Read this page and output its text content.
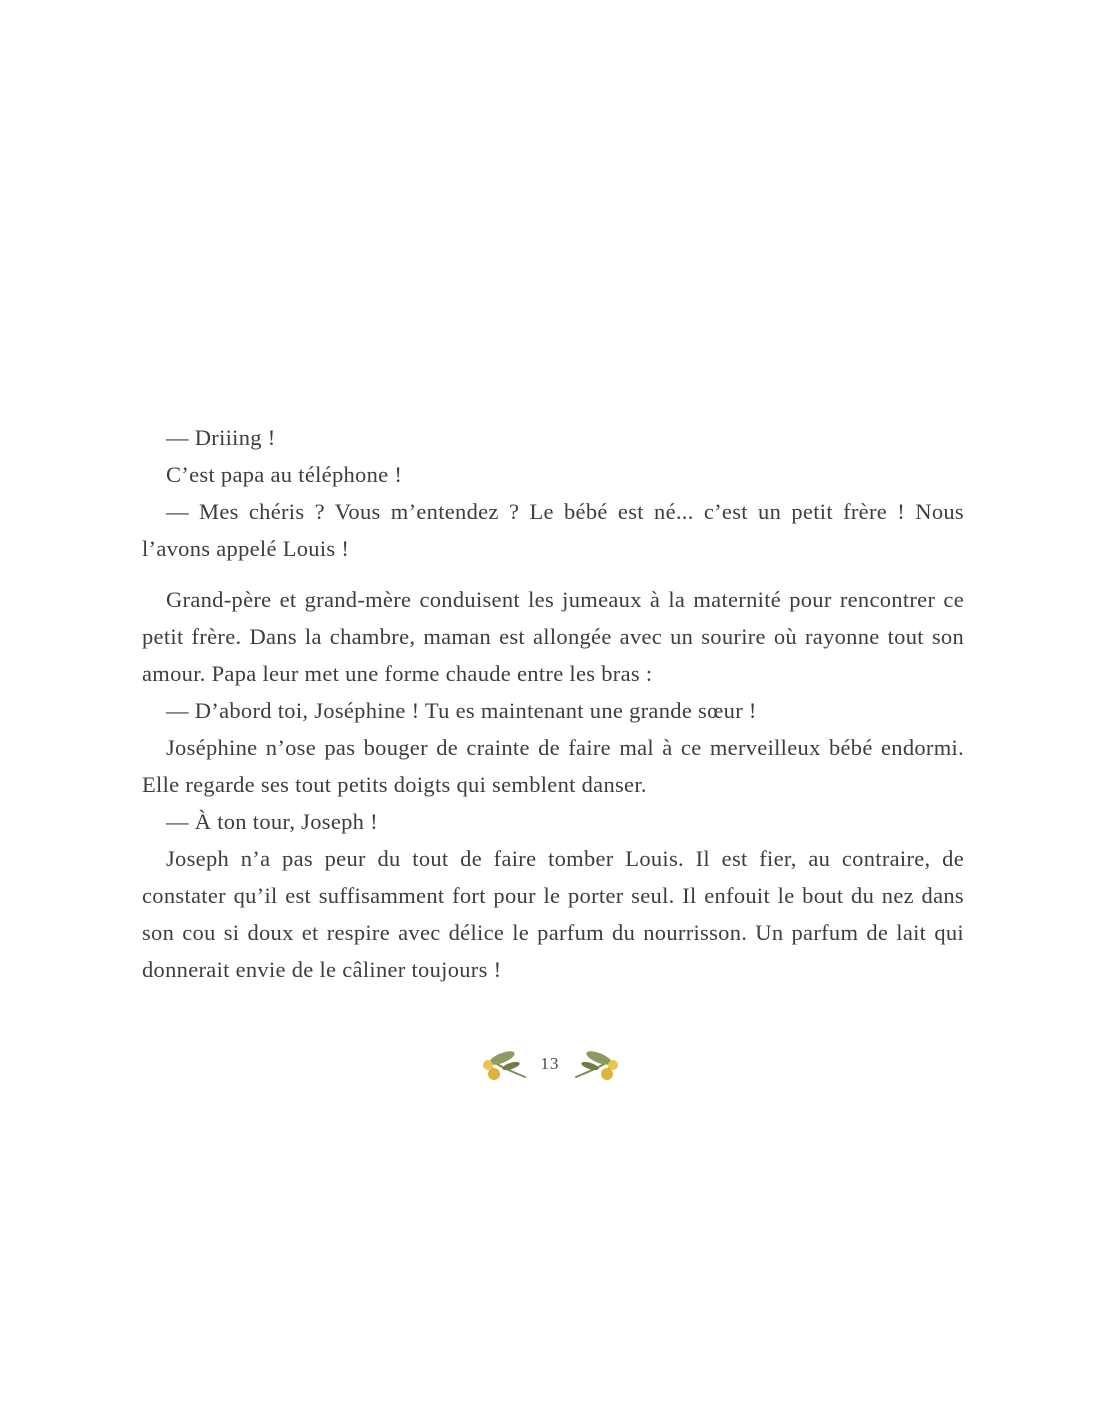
— Driiing !

C’est papa au téléphone !

— Mes chéris ? Vous m’entendez ? Le bébé est né... c’est un petit frère ! Nous l’avons appelé Louis !

Grand-père et grand-mère conduisent les jumeaux à la maternité pour rencontrer ce petit frère. Dans la chambre, maman est allongée avec un sourire où rayonne tout son amour. Papa leur met une forme chaude entre les bras :

— D’abord toi, Joséphine ! Tu es maintenant une grande sœur !

Joséphine n’ose pas bouger de crainte de faire mal à ce merveilleux bébé endormi. Elle regarde ses tout petits doigts qui semblent danser.

— À ton tour, Joseph !

Joseph n’a pas peur du tout de faire tomber Louis. Il est fier, au contraire, de constater qu’il est suffisamment fort pour le porter seul. Il enfouit le bout du nez dans son cou si doux et respire avec délice le parfum du nourrisson. Un parfum de lait qui donnerait envie de le câliner toujours !

13
